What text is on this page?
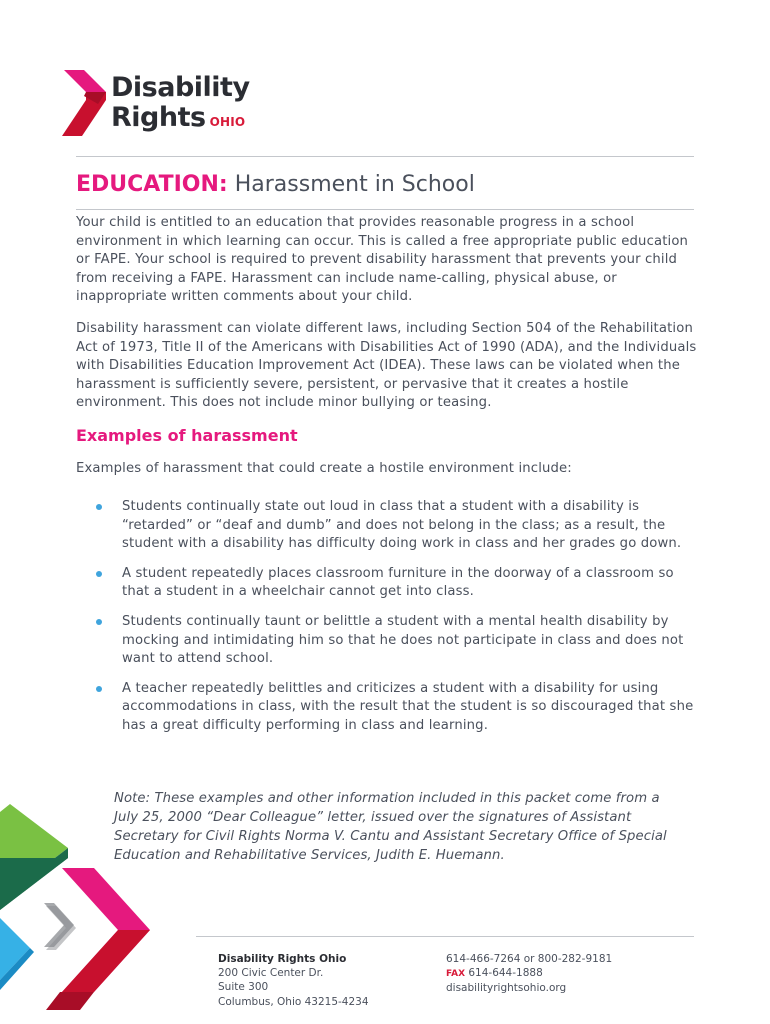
Disability
Rights OHIO
EDUCATION: Harassment in School

Your child is entitled to an education that provides reasonable progress in a school environment in which learning can occur. This is called a free appropriate public education or FAPE. Your school is required to prevent disability harassment that prevents your child from receiving a FAPE. Harassment can include name-calling, physical abuse, or inappropriate written comments about your child.

Disability harassment can violate different laws, including Section 504 of the Rehabilitation Act of 1973, Title II of the Americans with Disabilities Act of 1990 (ADA), and the Individuals with Disabilities Education Improvement Act (IDEA). These laws can be violated when the harassment is sufficiently severe, persistent, or pervasive that it creates a hostile environment. This does not include minor bullying or teasing.

Examples of harassment

Examples of harassment that could create a hostile environment include:

Students continually state out loud in class that a student with a disability is “retarded” or “deaf and dumb” and does not belong in the class; as a result, the student with a disability has difficulty doing work in class and her grades go down.
A student repeatedly places classroom furniture in the doorway of a classroom so that a student in a wheelchair cannot get into class.
Students continually taunt or belittle a student with a mental health disability by mocking and intimidating him so that he does not participate in class and does not want to attend school.
A teacher repeatedly belittles and criticizes a student with a disability for using accommodations in class, with the result that the student is so discouraged that she has a great difficulty performing in class and learning.

Note: These examples and other information included in this packet come from a July 25, 2000 “Dear Colleague” letter, issued over the signatures of Assistant Secretary for Civil Rights Norma V. Cantu and Assistant Secretary Office of Special Education and Rehabilitative Services, Judith E. Huemann.

Disability Rights Ohio
200 Civic Center Dr.
Suite 300
Columbus, Ohio 43215-4234
614-466-7264 or 800-282-9181
FAX 614-644-1888
disabilityrightsohio.org
